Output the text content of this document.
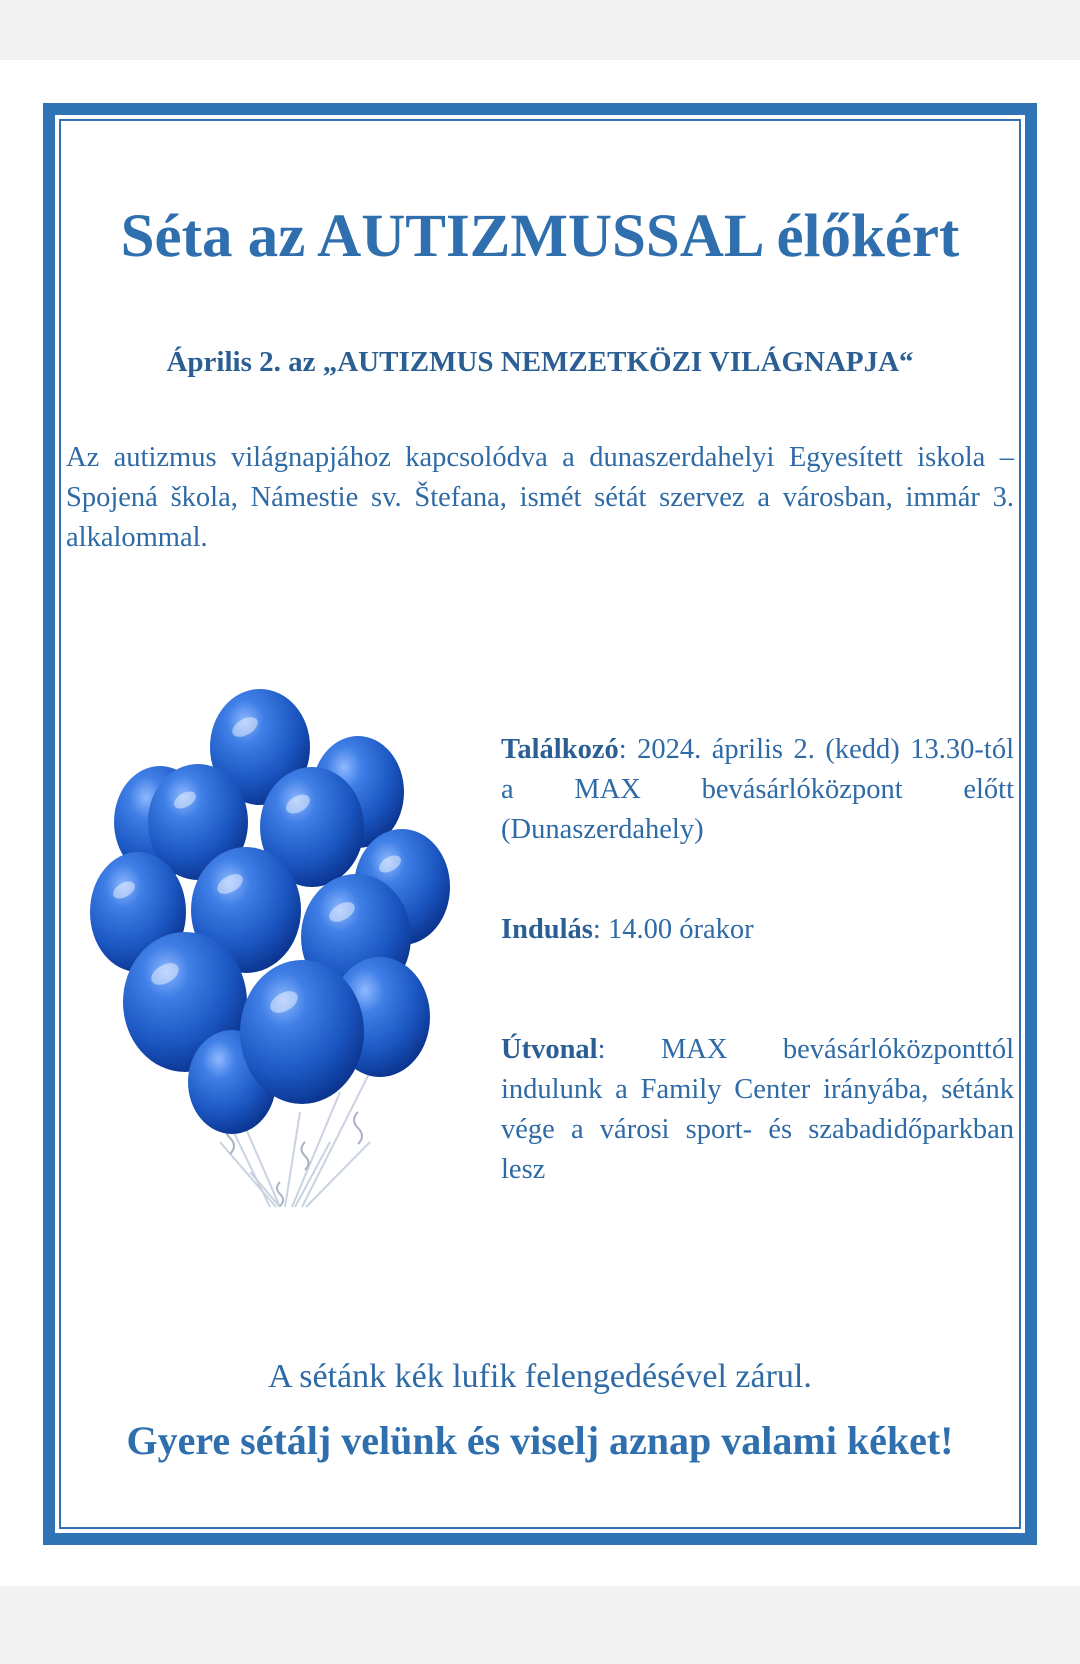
Séta az AUTIZMUSSAL élőkért
Április 2. az „AUTIZMUS NEMZETKÖZI VILÁGNAPJA“
Az autizmus világnapjához kapcsolódva a dunaszerdahelyi Egyesített iskola – Spojená škola, Námestie sv. Štefana, ismét sétát szervez a városban, immár 3. alkalommal.
Találkozó: 2024. április 2. (kedd) 13.30-tól a MAX bevásárlóközpont előtt (Dunaszerdahely)
Indulás: 14.00 órakor
Útvonal: MAX bevásárlóközponttól indulunk a Family Center irányába, sétánk vége a városi sport- és szabadidőparkban lesz
A sétánk kék lufik felengedésével zárul.
Gyere sétálj velünk és viselj aznap valami kéket!
